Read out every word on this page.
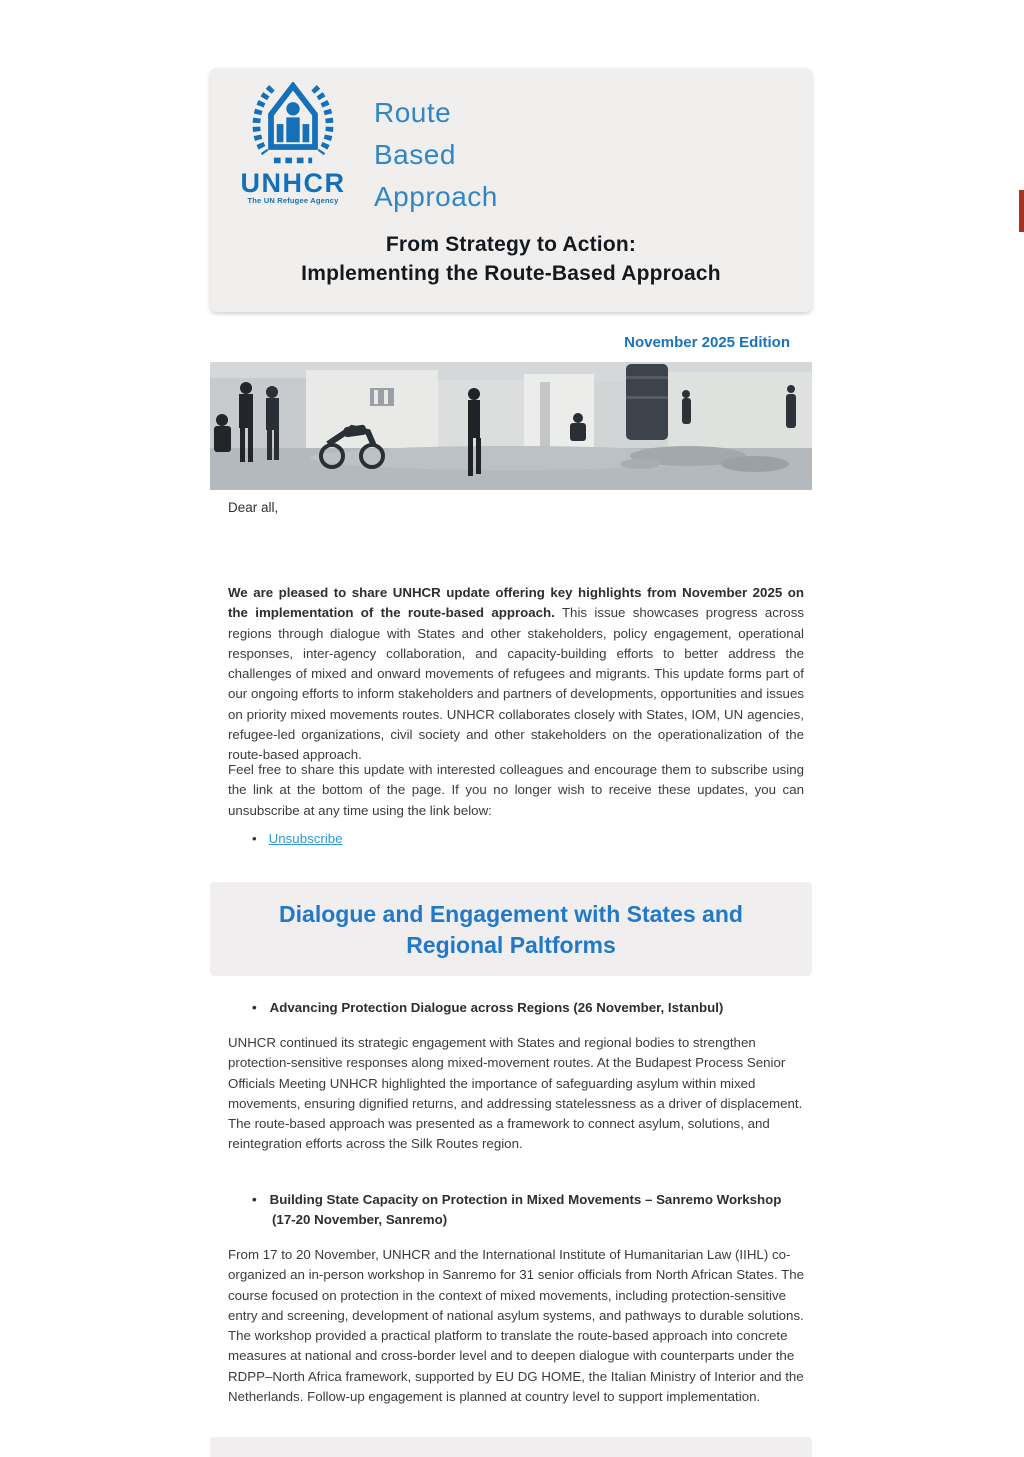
UNHCR
The UN Refugee Agency
Route
Based
Approach
From Strategy to Action:
Implementing the Route-Based Approach
November 2025 Edition
Dear all,

We are pleased to share UNHCR update offering key highlights from November 2025 on the implementation of the route-based approach. This issue showcases progress across regions through dialogue with States and other stakeholders, policy engagement, operational responses, inter-agency collaboration, and capacity-building efforts to better address the challenges of mixed and onward movements of refugees and migrants. This update forms part of our ongoing efforts to inform stakeholders and partners of developments, opportunities and issues on priority mixed movements routes. UNHCR collaborates closely with States, IOM, UN agencies, refugee-led organizations, civil society and other stakeholders on the operationalization of the route-based approach.

Feel free to share this update with interested colleagues and encourage them to subscribe using the link at the bottom of the page. If you no longer wish to receive these updates, you can unsubscribe at any time using the link below:

• Unsubscribe
Dialogue and Engagement with States and Regional Paltforms
• Advancing Protection Dialogue across Regions (26 November, Istanbul)

UNHCR continued its strategic engagement with States and regional bodies to strengthen protection-sensitive responses along mixed-movement routes. At the Budapest Process Senior Officials Meeting UNHCR highlighted the importance of safeguarding asylum within mixed movements, ensuring dignified returns, and addressing statelessness as a driver of displacement. The route-based approach was presented as a framework to connect asylum, solutions, and reintegration efforts across the Silk Routes region.

• Building State Capacity on Protection in Mixed Movements – Sanremo Workshop (17-20 November, Sanremo)

From 17 to 20 November, UNHCR and the International Institute of Humanitarian Law (IIHL) co-organized an in-person workshop in Sanremo for 31 senior officials from North African States. The course focused on protection in the context of mixed movements, including protection-sensitive entry and screening, development of national asylum systems, and pathways to durable solutions. The workshop provided a practical platform to translate the route-based approach into concrete measures at national and cross-border level and to deepen dialogue with counterparts under the RDPP–North Africa framework, supported by EU DG HOME, the Italian Ministry of Interior and the Netherlands. Follow-up engagement is planned at country level to support implementation.
